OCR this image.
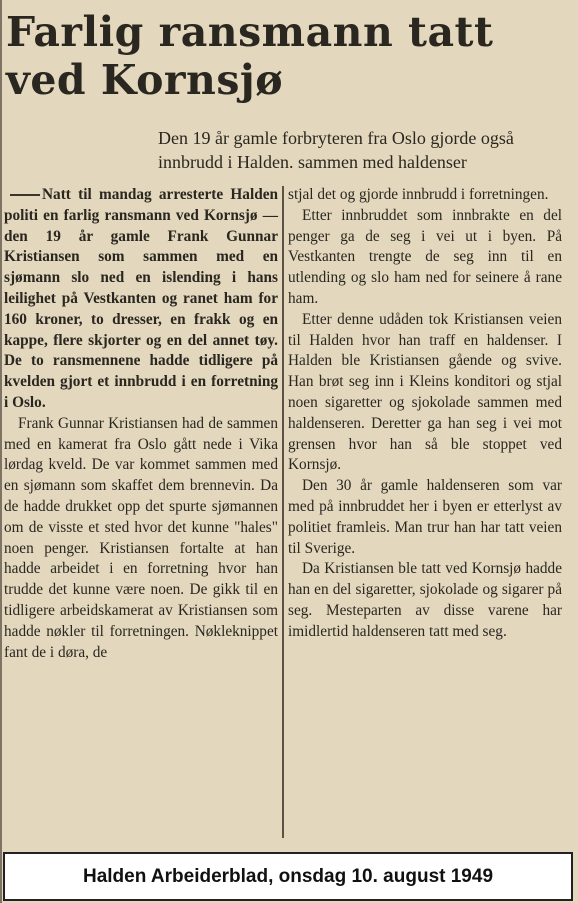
Farlig ransmann tatt ved Kornsjø
Den 19 år gamle forbryteren fra Oslo gjorde også innbrudd i Halden. sammen med haldenser

Natt til mandag arresterte Halden politi en farlig ransmann ved Kornsjø — den 19 år gamle Frank Gunnar Kristiansen som sammen med en sjømann slo ned en islending i hans leilighet på Vestkanten og ranet ham for 160 kroner, to dresser, en frakk og en kappe, flere skjorter og en del annet tøy. De to ransmennene hadde tidligere på kvelden gjort et innbrudd i en forretning i Oslo.

Frank Gunnar Kristiansen had de sammen med en kamerat fra Oslo gått nede i Vika lørdag kveld. De var kommet sammen med en sjømann som skaffet dem brennevin. Da de hadde drukket opp det spurte sjømannen om de visste et sted hvor det kunne "hales" noen penger. Kristiansen fortalte at han hadde arbeidet i en forretning hvor han trudde det kunne være noen. De gikk til en tidligere arbeidskamerat av Kristiansen som hadde nøkler til forretningen. Nøkleknippet fant de i døra, de

stjal det og gjorde innbrudd i forretningen.

Etter innbruddet som innbrakte en del penger ga de seg i vei ut i byen. På Vestkanten trengte de seg inn til en utlending og slo ham ned for seinere å rane ham.

Etter denne udåden tok Kristiansen veien til Halden hvor han traff en haldenser. I Halden ble Kristiansen gående og svive. Han brøt seg inn i Kleins konditori og stjal noen sigaretter og sjokolade sammen med haldenseren. Deretter ga han seg i vei mot grensen hvor han så ble stoppet ved Kornsjø.

Den 30 år gamle haldenseren som var med på innbruddet her i byen er etterlyst av politiet framleis. Man trur han har tatt veien til Sverige.

Da Kristiansen ble tatt ved Kornsjø hadde han en del sigaretter, sjokolade og sigarer på seg. Mesteparten av disse varene har imidlertid haldenseren tatt med seg.

Halden Arbeiderblad, onsdag 10. august 1949
